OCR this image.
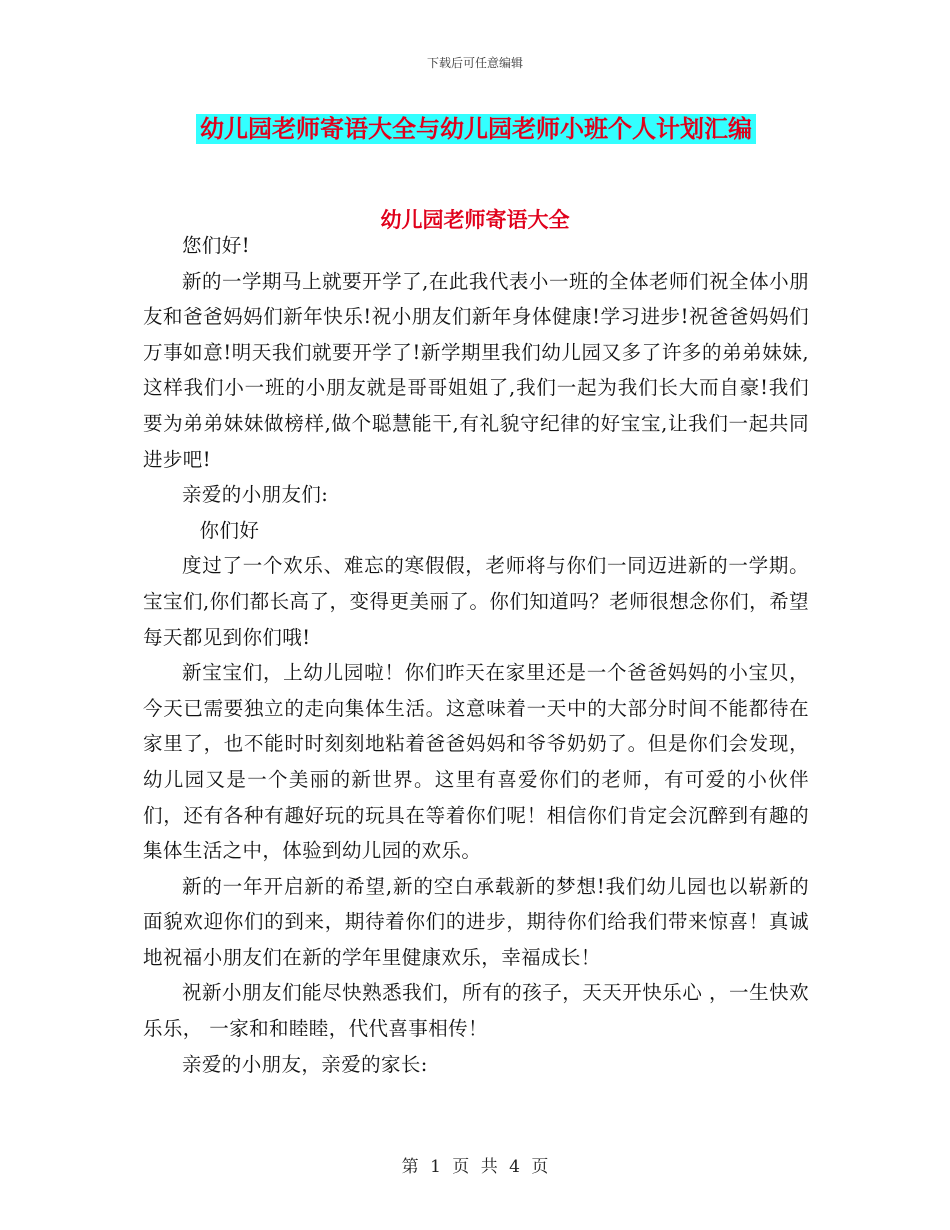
下载后可任意编辑
幼儿园老师寄语大全与幼儿园老师小班个人计划汇编
幼儿园老师寄语大全

您们好!

新的一学期马上就要开学了,在此我代表小一班的全体老师们祝全体小朋友和爸爸妈妈们新年快乐!祝小朋友们新年身体健康!学习进步!祝爸爸妈妈们万事如意!明天我们就要开学了!新学期里我们幼儿园又多了许多的弟弟妹妹,这样我们小一班的小朋友就是哥哥姐姐了,我们一起为我们长大而自豪!我们要为弟弟妹妹做榜样,做个聪慧能干,有礼貌守纪律的好宝宝,让我们一起共同进步吧!

亲爱的小朋友们:

你们好

度过了一个欢乐、难忘的寒假假，老师将与你们一同迈进新的一学期。 宝宝们,你们都长高了，变得更美丽了。你们知道吗？老师很想念你们，希望每天都见到你们哦!

新宝宝们，上幼儿园啦！你们昨天在家里还是一个爸爸妈妈的小宝贝，今天已需要独立的走向集体生活。这意味着一天中的大部分时间不能都待在家里了，也不能时时刻刻地粘着爸爸妈妈和爷爷奶奶了。但是你们会发现，幼儿园又是一个美丽的新世界。这里有喜爱你们的老师，有可爱的小伙伴们，还有各种有趣好玩的玩具在等着你们呢！相信你们肯定会沉醉到有趣的集体生活之中，体验到幼儿园的欢乐。

新的一年开启新的希望,新的空白承载新的梦想!我们幼儿园也以崭新的面貌欢迎你们的到来，期待着你们的进步，期待你们给我们带来惊喜！真诚地祝福小朋友们在新的学年里健康欢乐，幸福成长！

祝新小朋友们能尽快熟悉我们，所有的孩子，天天开快乐心 ，一生快欢乐乐， 一家和和睦睦，代代喜事相传！

亲爱的小朋友，亲爱的家长:

第 1 页 共 4 页
